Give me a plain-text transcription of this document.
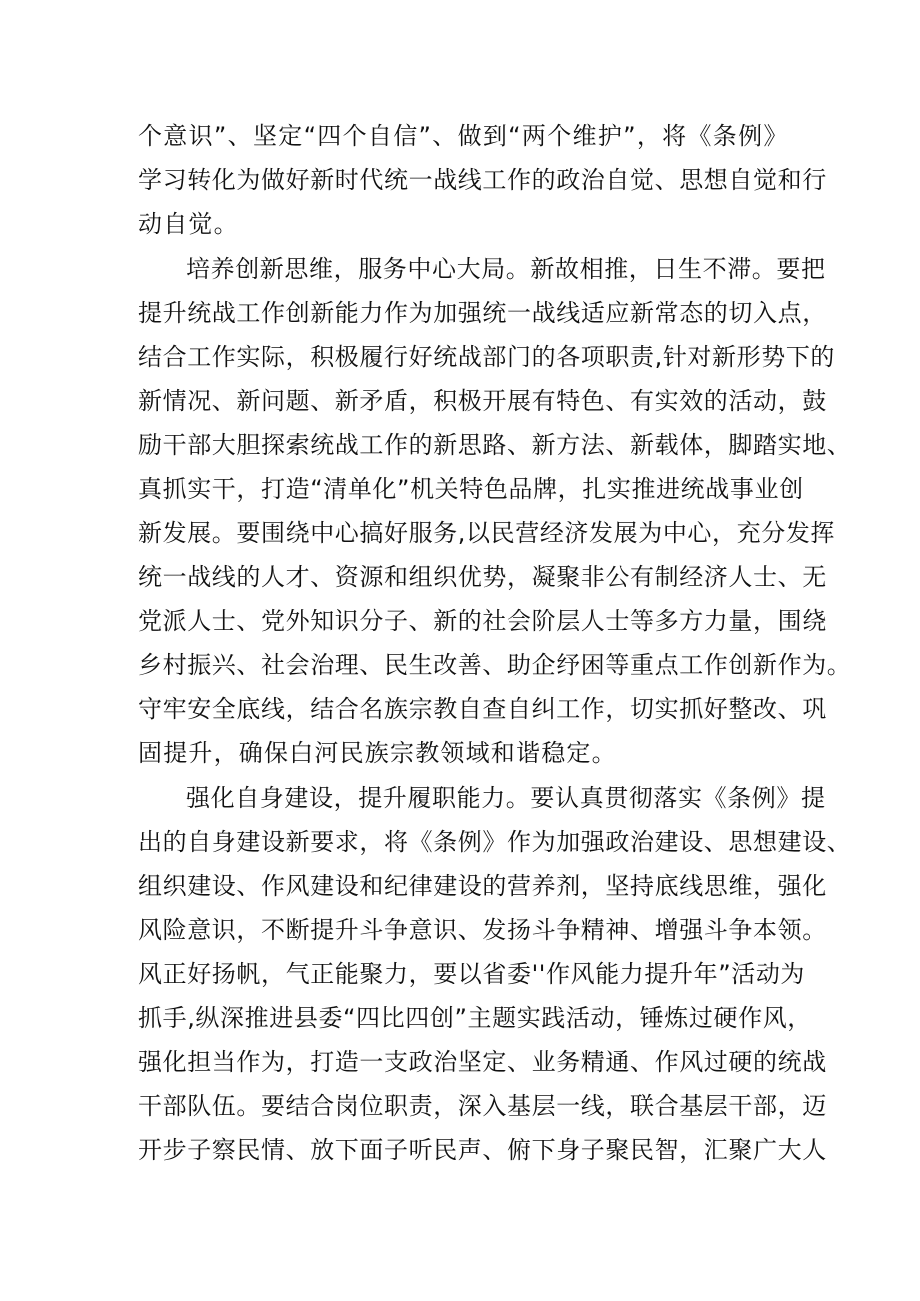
个意识”、坚定“四个自信”、做到“两个维护”，将《条例》
学习转化为做好新时代统一战线工作的政治自觉、思想自觉和行
动自觉。
培养创新思维，服务中心大局。新故相推，日生不滞。要把
提升统战工作创新能力作为加强统一战线适应新常态的切入点，
结合工作实际，积极履行好统战部门的各项职责,针对新形势下的
新情况、新问题、新矛盾，积极开展有特色、有实效的活动，鼓
励干部大胆探索统战工作的新思路、新方法、新载体，脚踏实地、
真抓实干，打造“清单化”机关特色品牌，扎实推进统战事业创
新发展。要围绕中心搞好服务,以民营经济发展为中心，充分发挥
统一战线的人才、资源和组织优势，凝聚非公有制经济人士、无
党派人士、党外知识分子、新的社会阶层人士等多方力量，围绕
乡村振兴、社会治理、民生改善、助企纾困等重点工作创新作为。
守牢安全底线，结合名族宗教自查自纠工作，切实抓好整改、巩
固提升，确保白河民族宗教领域和谐稳定。
强化自身建设，提升履职能力。要认真贯彻落实《条例》提
出的自身建设新要求，将《条例》作为加强政治建设、思想建设、
组织建设、作风建设和纪律建设的营养剂，坚持底线思维，强化
风险意识，不断提升斗争意识、发扬斗争精神、增强斗争本领。
风正好扬帆，气正能聚力，要以省委''作风能力提升年”活动为
抓手,纵深推进县委“四比四创”主题实践活动，锤炼过硬作风，
强化担当作为，打造一支政治坚定、业务精通、作风过硬的统战
干部队伍。要结合岗位职责，深入基层一线，联合基层干部，迈
开步子察民情、放下面子听民声、俯下身子聚民智，汇聚广大人
